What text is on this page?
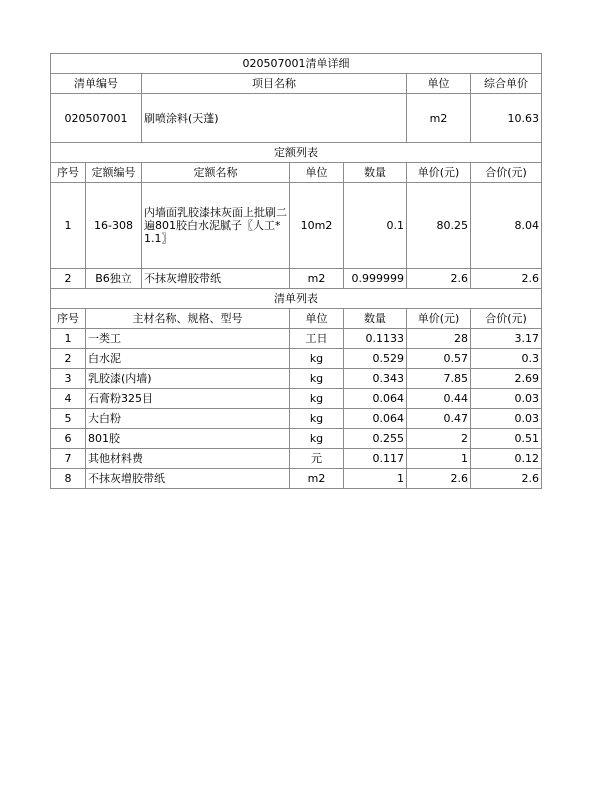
020507001清单详细						
清单编号		项目名称			单位	综合单价
020507001		刷喷涂料(天蓬)			m2	10.63
定额列表						
序号	定额编号	定额名称	单位	数量	单价(元)	合价(元)
1	16-308	内墙面乳胶漆抹灰面上批刷二遍801胶白水泥腻子〖人工*1.1〗	10m2	0.1	80.25	8.04
2	B6独立	不抹灰增胶带纸	m2	0.999999	2.6	2.6
清单列表						
序号	主材名称、规格、型号		单位	数量	单价(元)	合价(元)
1	一类工		工日	0.1133	28	3.17
2	白水泥		kg	0.529	0.57	0.3
3	乳胶漆(内墙)		kg	0.343	7.85	2.69
4	石膏粉325目		kg	0.064	0.44	0.03
5	大白粉		kg	0.064	0.47	0.03
6	801胶		kg	0.255	2	0.51
7	其他材料费		元	0.117	1	0.12
8	不抹灰增胶带纸		m2	1	2.6	2.6
